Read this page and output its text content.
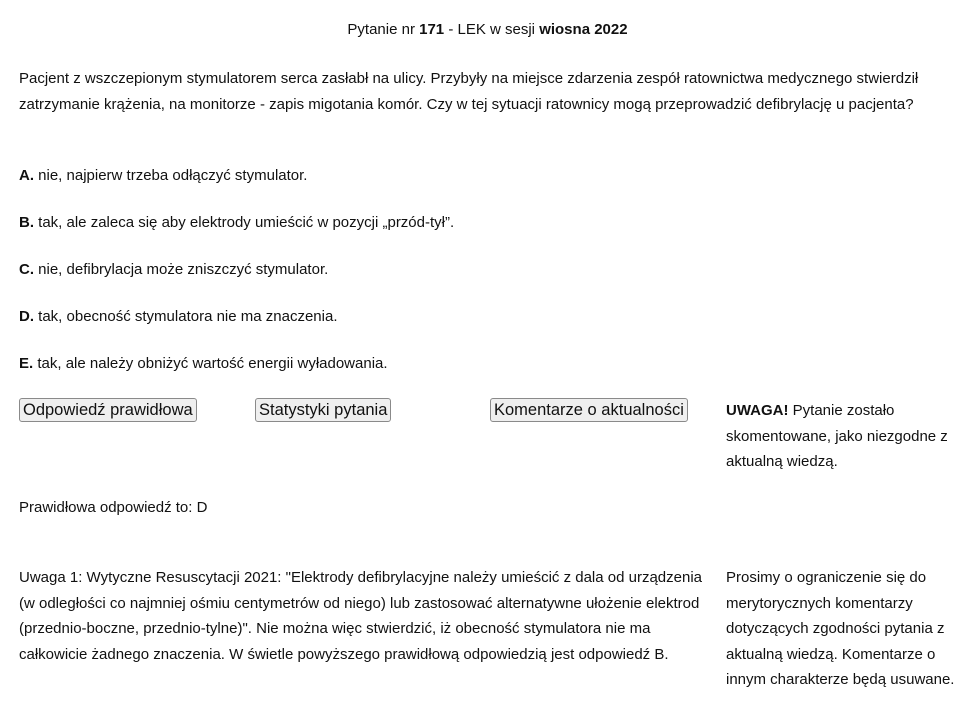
Pytanie nr 171 - LEK w sesji wiosna 2022
Pacjent z wszczepionym stymulatorem serca zasłabł na ulicy. Przybyły na miejsce zdarzenia zespół ratownictwa medycznego stwierdził zatrzymanie krążenia, na monitorze - zapis migotania komór. Czy w tej sytuacji ratownicy mogą przeprowadzić defibrylację u pacjenta?
A. nie, najpierw trzeba odłączyć stymulator.
B. tak, ale zaleca się aby elektrody umieścić w pozycji „przód-tył”.
C. nie, defibrylacja może zniszczyć stymulator.
D. tak, obecność stymulatora nie ma znaczenia.
E. tak, ale należy obniżyć wartość energii wyładowania.
Odpowiedź prawidłowa	Statystyki pytania	Komentarze o aktualności	UWAGA! Pytanie zostało skomentowane, jako niezgodne z aktualną wiedzą.
Prawidłowa odpowiedź to: D
Uwaga 1: Wytyczne Resuscytacji 2021: "Elektrody defibrylacyjne należy umieścić z dala od urządzenia (w odległości co najmniej ośmiu centymetrów od niego) lub zastosować alternatywne ułożenie elektrod (przednio-boczne, przednio-tylne)". Nie można więc stwierdzić, iż obecność stymulatora nie ma całkowicie żadnego znaczenia. W świetle powyższego prawidłową odpowiedzią jest odpowiedź B.
Prosimy o ograniczenie się do merytorycznych komentarzy dotyczących zgodności pytania z aktualną wiedzą. Komentarze o innym charakterze będą usuwane.
